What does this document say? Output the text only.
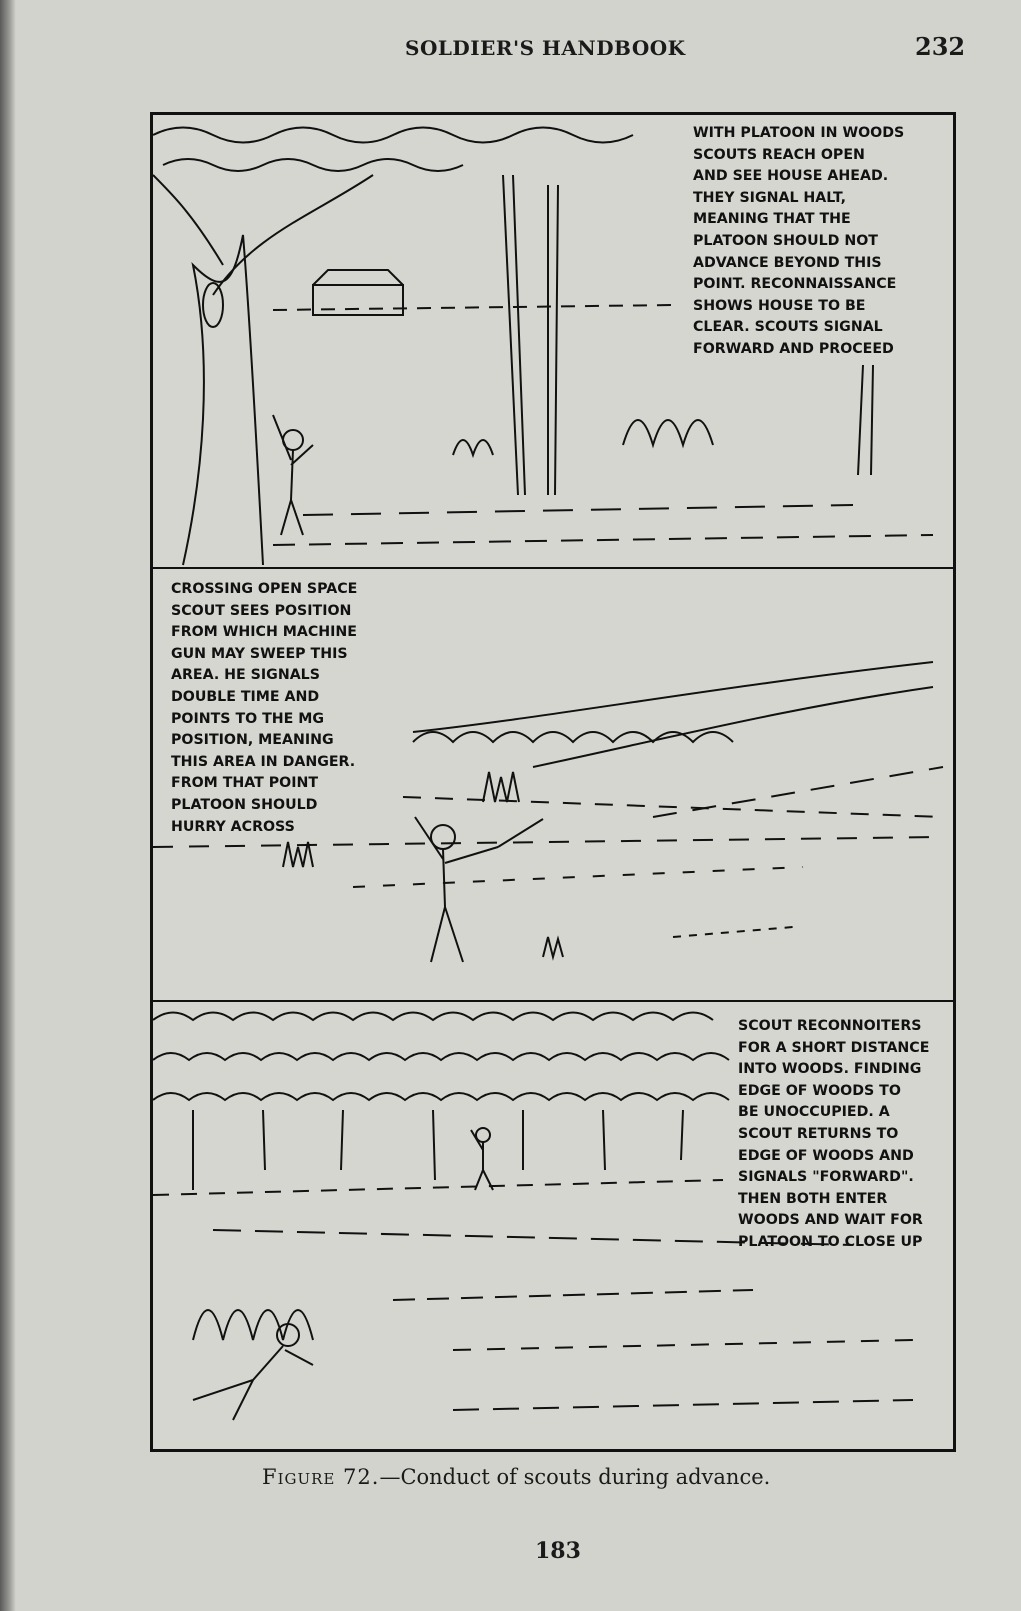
SOLDIER'S HANDBOOK	232
WITH PLATOON IN WOODS
SCOUTS REACH OPEN
AND SEE HOUSE AHEAD.
THEY SIGNAL HALT,
MEANING THAT THE
PLATOON SHOULD NOT
ADVANCE BEYOND THIS
POINT. RECONNAISSANCE
SHOWS HOUSE TO BE
CLEAR. SCOUTS SIGNAL
FORWARD AND PROCEED
CROSSING OPEN SPACE
SCOUT SEES POSITION
FROM WHICH MACHINE
GUN MAY SWEEP THIS
AREA. HE SIGNALS
DOUBLE TIME AND
POINTS TO THE MG
POSITION, MEANING
THIS AREA IN DANGER.
FROM THAT POINT
PLATOON SHOULD
HURRY ACROSS
SCOUT RECONNOITERS
FOR A SHORT DISTANCE
INTO WOODS. FINDING
EDGE OF WOODS TO
BE UNOCCUPIED. A
SCOUT RETURNS TO
EDGE OF WOODS AND
SIGNALS "FORWARD".
THEN BOTH ENTER
WOODS AND WAIT FOR
PLATOON TO CLOSE UP
Figure 72.—Conduct of scouts during advance.
183
